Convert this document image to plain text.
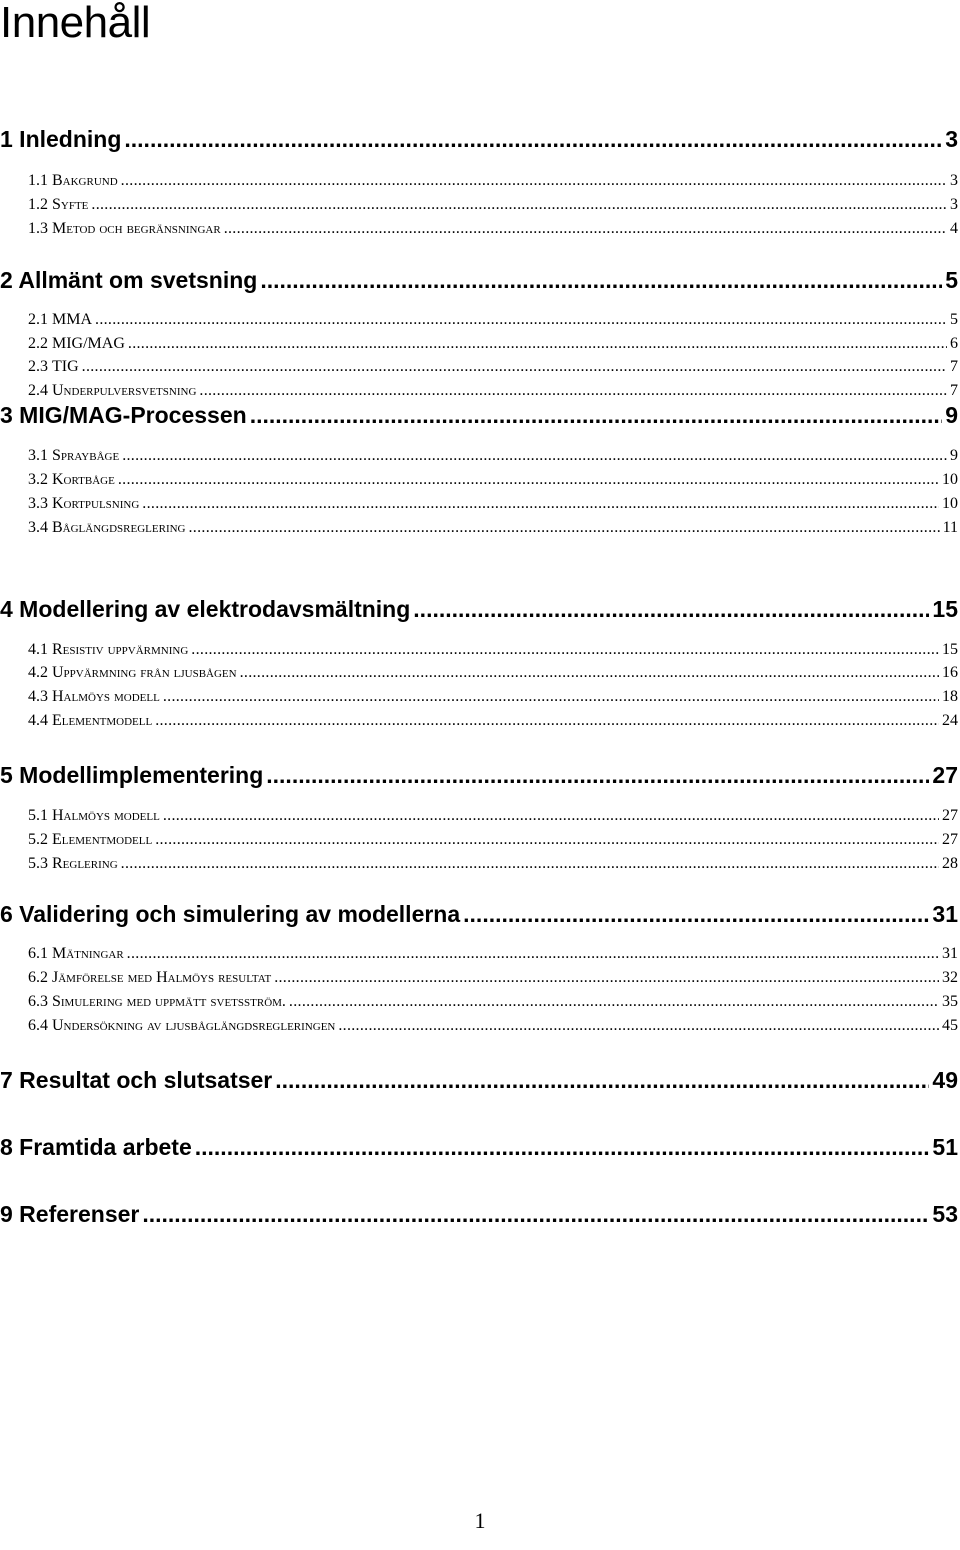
Innehåll
1 Inledning .....	3
1.1 Bakgrund .....	3
1.2 Syfte .....	3
1.3 Metod och begränsningar .....	4
2 Allmänt om svetsning .....	5
2.1 MMA .....	5
2.2 MIG/MAG .....	6
2.3 TIG .....	7
2.4 Underpulversvetsning .....	7
3 MIG/MAG-Processen .....	9
3.1 Spraybåge .....	9
3.2 Kortbåge .....	10
3.3 Kortpulsning .....	10
3.4 Båglängdsreglering .....	11
4 Modellering av elektrodavsmältning .....	15
4.1 Resistiv uppvärmning .....	15
4.2 Uppvärmning från ljusbågen .....	16
4.3 Halmöys modell .....	18
4.4 Elementmodell .....	24
5 Modellimplementering .....	27
5.1 Halmöys modell .....	27
5.2 Elementmodell .....	27
5.3 Reglering .....	28
6 Validering och simulering av modellerna .....	31
6.1 Mätningar .....	31
6.2 Jämförelse med Halmöys resultat .....	32
6.3 Simulering med uppmätt svetsström. .....	35
6.4 Undersökning av ljusbåglängdsregleringen .....	45
7 Resultat och slutsatser .....	49
8 Framtida arbete .....	51
9 Referenser .....	53
1
